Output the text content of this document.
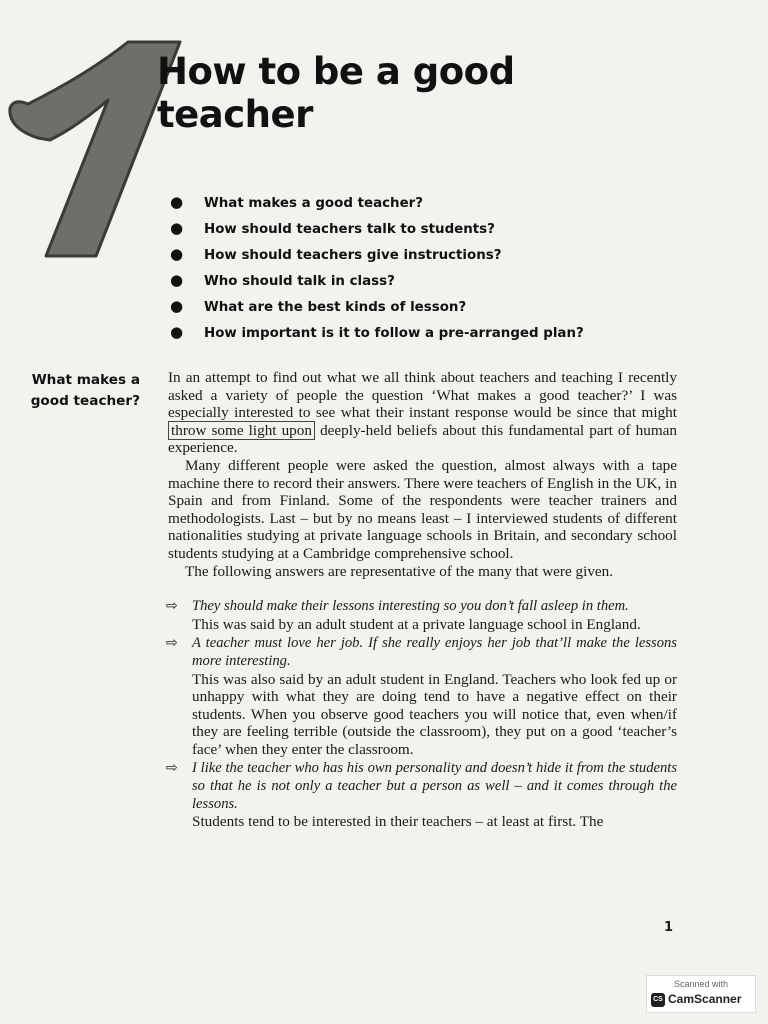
1
How to be a good
teacher
● What makes a good teacher?
● How should teachers talk to students?
● How should teachers give instructions?
● Who should talk in class?
● What are the best kinds of lesson?
● How important is it to follow a pre-arranged plan?
What makes a good teacher?

In an attempt to find out what we all think about teachers and teaching I recently asked a variety of people the question ‘What makes a good teacher?’ I was especially interested to see what their instant response would be since that might throw some light upon deeply-held beliefs about this fundamental part of human experience.

Many different people were asked the question, almost always with a tape machine there to record their answers. There were teachers of English in the UK, in Spain and from Finland. Some of the respondents were teacher trainers and methodologists. Last – but by no means least – I interviewed students of different nationalities studying at private language schools in Britain, and secondary school students studying at a Cambridge comprehensive school.

The following answers are representative of the many that were given.

⇨ They should make their lessons interesting so you don’t fall asleep in them.

This was said by an adult student at a private language school in England.

⇨ A teacher must love her job. If she really enjoys her job that’ll make the lessons more interesting.

This was also said by an adult student in England. Teachers who look fed up or unhappy with what they are doing tend to have a negative effect on their students. When you observe good teachers you will notice that, even when/if they are feeling terrible (outside the classroom), they put on a good ‘teacher’s face’ when they enter the classroom.

⇨ I like the teacher who has his own personality and doesn’t hide it from the students so that he is not only a teacher but a person as well – and it comes through the lessons.

Students tend to be interested in their teachers – at least at first. The

1
Scanned with
CS CamScanner
